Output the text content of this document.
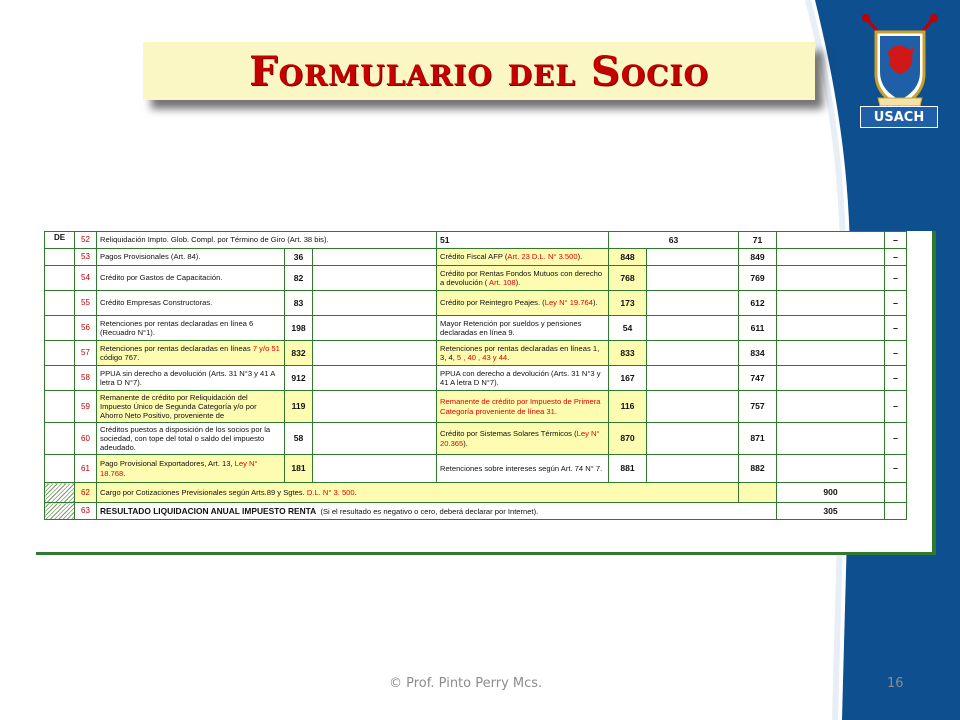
Formulario del Socio
USACH
DE	52	Reliquidación Impto. Glob. Compl. por Término de Giro (Art. 38 bis).			51	63		71		–	
	53	Pagos Provisionales (Art. 84).	36		Crédito Fiscal AFP (Art. 23 D.L. N° 3.500).	848		849		–	
	54	Crédito por Gastos de Capacitación.	82		Crédito por Rentas Fondos Mutuos con derecho a devolución ( Art. 108).	768		769		–	
	55	Crédito Empresas Constructoras.	83		Crédito por Reintegro Peajes. (Ley N° 19.764).	173		612		–	
	56	Retenciones por rentas declaradas en línea 6 (Recuadro N°1).	198		Mayor Retención por sueldos y pensiones declaradas en línea 9.	54		611		–	
	57	Retenciones por rentas declaradas en líneas 7 y/o 51 código 767.	832		Retenciones por rentas declaradas en líneas 1, 3, 4, 5 , 40 , 43 y 44.	833		834		–	
	58	PPUA sin derecho a devolución (Arts. 31 N°3 y 41 A letra D N°7).	912		PPUA con derecho a devolución (Arts. 31 N°3 y 41 A letra D N°7).	167		747		–	
	59	Remanente de crédito por Reliquidación del Impuesto Único de Segunda Categoría y/o por Ahorro Neto Positivo, proveniente de	119		Remanente de crédito por Impuesto de Primera Categoría proveniente de línea 31.	116		757		–	
	60	Créditos puestos a disposición de los socios por la sociedad, con tope del total o saldo del impuesto adeudado.	58		Crédito por Sistemas Solares Térmicos (Ley N° 20.365).	870		871		–	
	61	Pago Provisional Exportadores, Art. 13, Ley N° 18.768.	181		Retenciones sobre intereses según Art. 74 N° 7.	881		882		–	
	62	Cargo por Cotizaciones Previsionales según Arts.89 y Sgtes. D.L. N° 3. 500.							900		
	63	RESULTADO LIQUIDACION ANUAL IMPUESTO RENTA (Si el resultado es negativo o cero, deberá declarar por Internet).							305		
© Prof. Pinto Perry Mcs.	16
